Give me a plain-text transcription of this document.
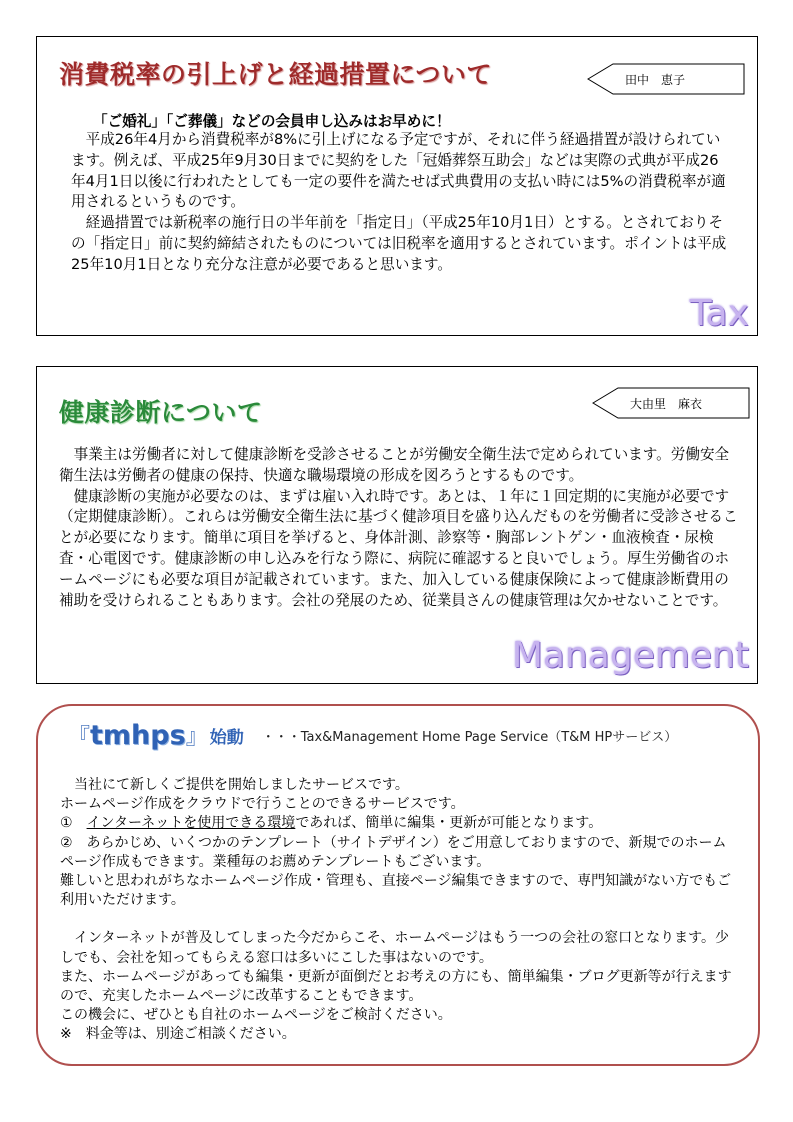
消費税率の引上げと経過措置について	田中　恵子
「ご婚礼」「ご葬儀」などの会員申し込みはお早めに！

　平成26年4月から消費税率が8%に引上げになる予定ですが、それに伴う経過措置が設けられています。例えば、平成25年9月30日までに契約をした「冠婚葬祭互助会」などは実際の式典が平成26年4月1日以後に行われたとしても一定の要件を満たせば式典費用の支払い時には5%の消費税率が適用されるというものです。

　経過措置では新税率の施行日の半年前を「指定日」（平成25年10月1日）とする。とされておりその「指定日」前に契約締結されたものについては旧税率を適用するとされています。ポイントは平成25年10月1日となり充分な注意が必要であると思います。

Tax
健康診断について	大由里　麻衣

　事業主は労働者に対して健康診断を受診させることが労働安全衛生法で定められています。労働安全衛生法は労働者の健康の保持、快適な職場環境の形成を図ろうとするものです。

　健康診断の実施が必要なのは、まずは雇い入れ時です。あとは、１年に１回定期的に実施が必要です（定期健康診断）。これらは労働安全衛生法に基づく健診項目を盛り込んだものを労働者に受診させることが必要になります。簡単に項目を挙げると、身体計測、診察等・胸部レントゲン・血液検査・尿検査・心電図です。健康診断の申し込みを行なう際に、病院に確認すると良いでしょう。厚生労働省のホームページにも必要な項目が記載されています。また、加入している健康保険によって健康診断費用の補助を受けられることもあります。会社の発展のため、従業員さんの健康管理は欠かせないことです。

Management
『tmhps』 始動 ・・・Tax&Management Home Page Service（T&M HPサービス）

　当社にて新しくご提供を開始しましたサービスです。

ホームページ作成をクラウドで行うことのできるサービスです。

①　インターネットを使用できる環境であれば、簡単に編集・更新が可能となります。

②　あらかじめ、いくつかのテンプレート（サイトデザイン）をご用意しておりますので、新規でのホームページ作成もできます。業種毎のお薦めテンプレートもございます。

難しいと思われがちなホームページ作成・管理も、直接ページ編集できますので、専門知識がない方でもご利用いただけます。

　インターネットが普及してしまった今だからこそ、ホームページはもう一つの会社の窓口となります。少しでも、会社を知ってもらえる窓口は多いにこした事はないのです。

また、ホームページがあっても編集・更新が面倒だとお考えの方にも、簡単編集・ブログ更新等が行えますので、充実したホームページに改革することもできます。

この機会に、ぜひとも自社のホームページをご検討ください。

※　料金等は、別途ご相談ください。
